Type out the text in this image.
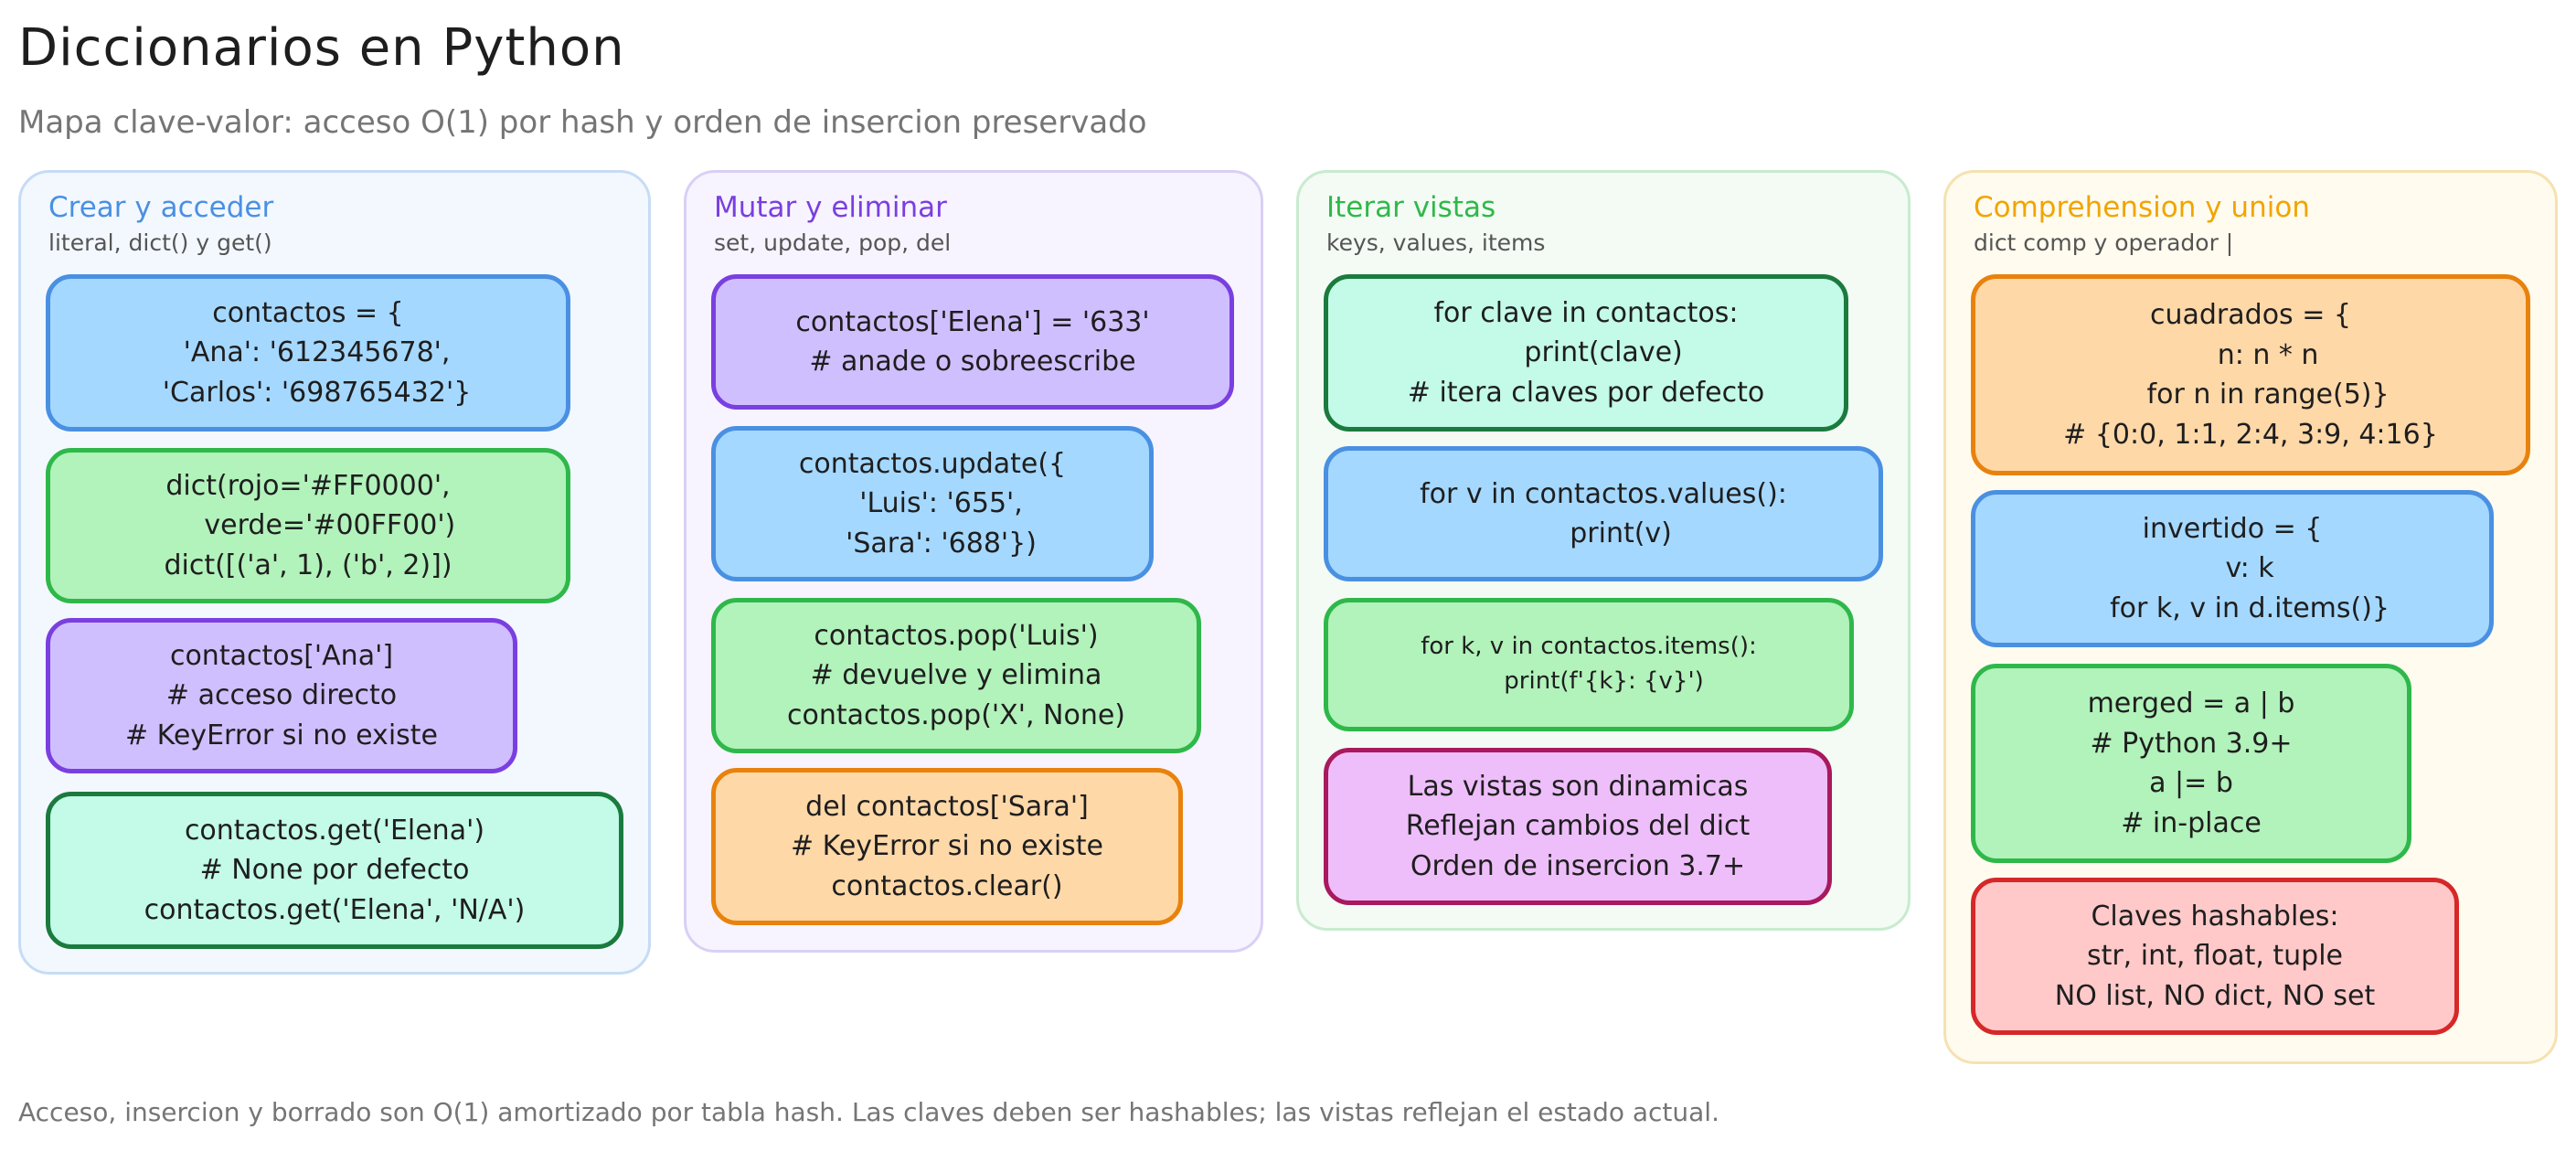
Diccionarios en Python
Mapa clave-valor: acceso O(1) por hash y orden de insercion preservado
Crear y acceder
literal, dict() y get()
contactos = {
'Ana': '612345678',
'Carlos': '698765432'}
dict(rojo='#FF0000',
verde='#00FF00')
dict([('a', 1), ('b', 2)])
contactos['Ana']
# acceso directo
# KeyError si no existe
contactos.get('Elena')
# None por defecto
contactos.get('Elena', 'N/A')
Mutar y eliminar
set, update, pop, del
contactos['Elena'] = '633'
# anade o sobreescribe
contactos.update({
'Luis': '655',
'Sara': '688'})
contactos.pop('Luis')
# devuelve y elimina
contactos.pop('X', None)
del contactos['Sara']
# KeyError si no existe
contactos.clear()
Iterar vistas
keys, values, items
for clave in contactos:
print(clave)
# itera claves por defecto
for v in contactos.values():
print(v)
for k, v in contactos.items():
print(f'{k}: {v}')
Las vistas son dinamicas
Reflejan cambios del dict
Orden de insercion 3.7+
Comprehension y union
dict comp y operador |
cuadrados = {
n: n * n
for n in range(5)}
# {0:0, 1:1, 2:4, 3:9, 4:16}
invertido = {
v: k
for k, v in d.items()}
merged = a | b
# Python 3.9+
a |= b
# in-place
Claves hashables:
str, int, float, tuple
NO list, NO dict, NO set
Acceso, insercion y borrado son O(1) amortizado por tabla hash. Las claves deben ser hashables; las vistas reflejan el estado actual.
